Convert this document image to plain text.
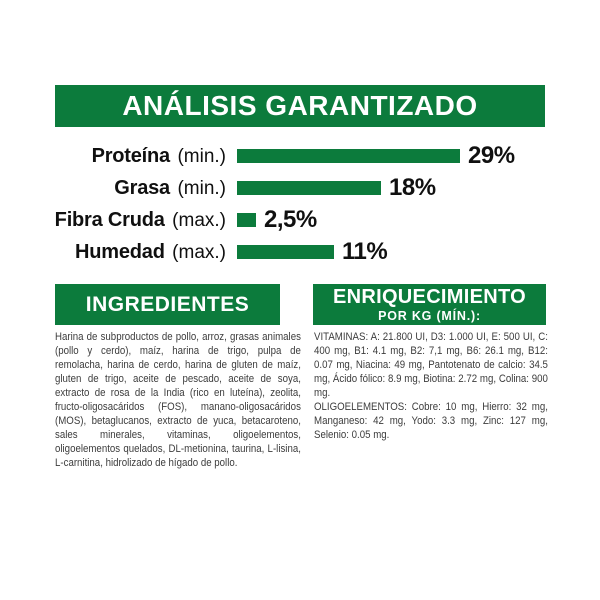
ANÁLISIS GARANTIZADO
Proteína (min.)	29%
Grasa (min.)	18%
Fibra Cruda (max.) 2,5%
Humedad (max.)	11%
INGREDIENTES
Harina de subproductos de pollo, arroz, grasas animales (pollo y cerdo), maíz, harina de trigo, pulpa de remolacha, harina de cerdo, harina de gluten de maíz, gluten de trigo, aceite de pescado, aceite de soya, extracto de rosa de la India (rico en luteína), zeolita, fructo-oligosacáridos (FOS), manano-oligosacáridos (MOS), betaglucanos, extracto de yuca, betacaroteno, sales minerales, vitaminas, oligoelementos, oligoelementos quelados, DL-metionina, taurina, L-lisina, L-carnitina, hidrolizado de hígado de pollo.
ENRIQUECIMIENTO
POR KG (MÍN.):

VITAMINAS: A: 21.800 UI, D3: 1.000 UI, E: 500 UI, C: 400 mg, B1: 4.1 mg, B2: 7,1 mg, B6: 26.1 mg, B12: 0.07 mg, Niacina: 49 mg, Pantotenato de calcio: 34.5 mg, Ácido fólico: 8.9 mg, Biotina: 2.72 mg, Colina: 900 mg.

OLIGOELEMENTOS: Cobre: 10 mg, Hierro: 32 mg, Manganeso: 42 mg, Yodo: 3.3 mg, Zinc: 127 mg, Selenio: 0.05 mg.
